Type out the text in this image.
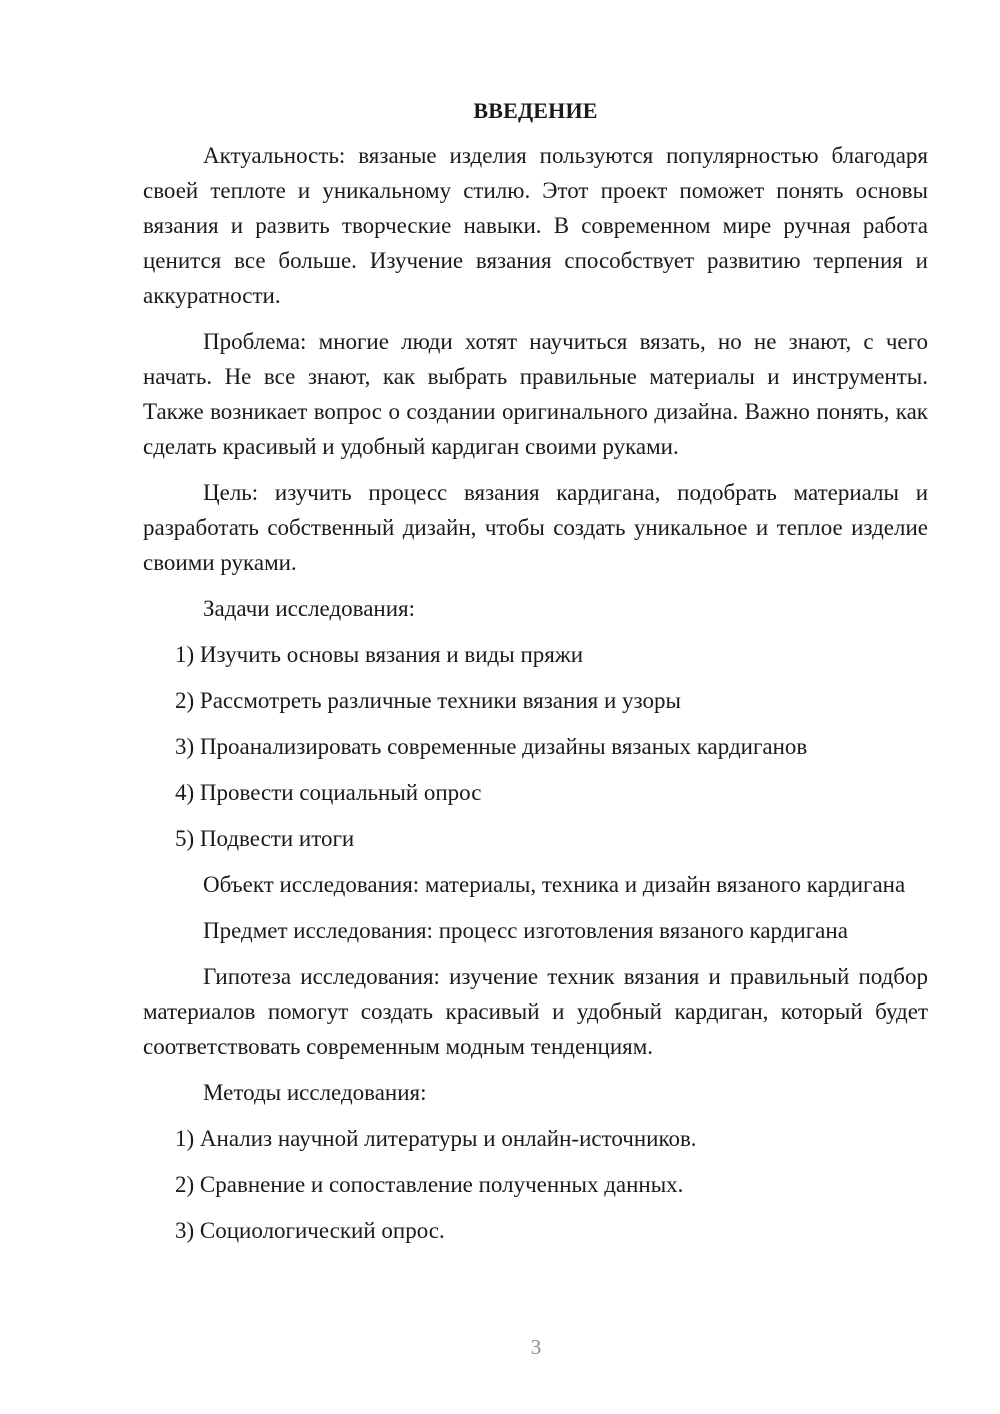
ВВЕДЕНИЕ

Актуальность: вязаные изделия пользуются популярностью благодаря своей теплоте и уникальному стилю. Этот проект поможет понять основы вязания и развить творческие навыки. В современном мире ручная работа ценится все больше. Изучение вязания способствует развитию терпения и аккуратности.

Проблема: многие люди хотят научиться вязать, но не знают, с чего начать. Не все знают, как выбрать правильные материалы и инструменты. Также возникает вопрос о создании оригинального дизайна. Важно понять, как сделать красивый и удобный кардиган своими руками.

Цель: изучить процесс вязания кардигана, подобрать материалы и разработать собственный дизайн, чтобы создать уникальное и теплое изделие своими руками.

Задачи исследования:

1) Изучить основы вязания и виды пряжи
2) Рассмотреть различные техники вязания и узоры
3) Проанализировать современные дизайны вязаных кардиганов
4) Провести социальный опрос
5) Подвести итоги

Объект исследования: материалы, техника и дизайн вязаного кардигана

Предмет исследования: процесс изготовления вязаного кардигана

Гипотеза исследования: изучение техник вязания и правильный подбор материалов помогут создать красивый и удобный кардиган, который будет соответствовать современным модным тенденциям.

Методы исследования:

1) Анализ научной литературы и онлайн-источников.
2) Сравнение и сопоставление полученных данных.
3) Социологический опрос.
3
